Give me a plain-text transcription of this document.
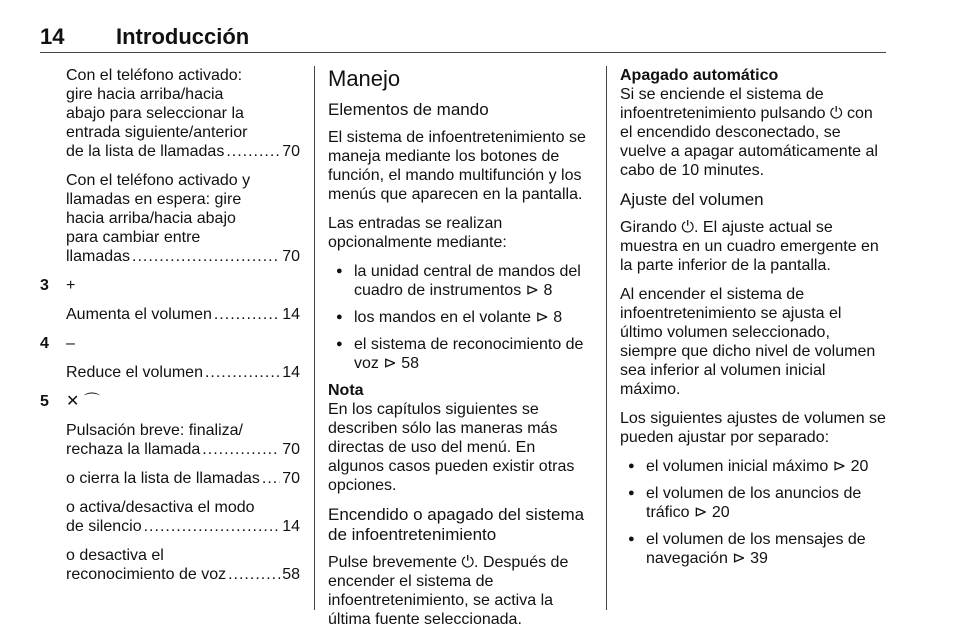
14 Introducción
Con el teléfono activado:
gire hacia arriba/hacia
abajo para seleccionar la
entrada siguiente/anterior
de la lista de llamadas .....	70
Con el teléfono activado y
llamadas en espera: gire
hacia arriba/hacia abajo
para cambiar entre
llamadas .....	70
3 +
Aumenta el volumen .....	14
4 –
Reduce el volumen .....	14
5 ✕ ⌒
Pulsación breve: finaliza/
rechaza la llamada .....	70
o cierra la lista de llamadas ..... 70
o activa/desactiva el modo
de silencio .....	14
o desactiva el
reconocimiento de voz .....	58
Manejo
Elementos de mando

El sistema de infoentretenimiento se maneja mediante los botones de función, el mando multifunción y los menús que aparecen en la pantalla.

Las entradas se realizan opcionalmente mediante:

● la unidad central de mandos del cuadro de instrumentos ⊳ 8
● los mandos en el volante ⊳ 8
● el sistema de reconocimiento de voz ⊳ 58
Nota
En los capítulos siguientes se describen sólo las maneras más directas de uso del menú. En algunos casos pueden existir otras opciones.
Encendido o apagado del sistema de infoentretenimiento

Pulse brevemente ⏻. Después de encender el sistema de infoentretenimiento, se activa la última fuente seleccionada.

Apagado automático

Si se enciende el sistema de infoentretenimiento pulsando ⏻ con el encendido desconectado, se vuelve a apagar automáticamente al cabo de 10 minutes.

Ajuste del volumen

Girando ⏻. El ajuste actual se muestra en un cuadro emergente en la parte inferior de la pantalla.

Al encender el sistema de infoentretenimiento se ajusta el último volumen seleccionado, siempre que dicho nivel de volumen sea inferior al volumen inicial máximo.

Los siguientes ajustes de volumen se pueden ajustar por separado:

● el volumen inicial máximo ⊳ 20
● el volumen de los anuncios de tráfico ⊳ 20
● el volumen de los mensajes de navegación ⊳ 39
